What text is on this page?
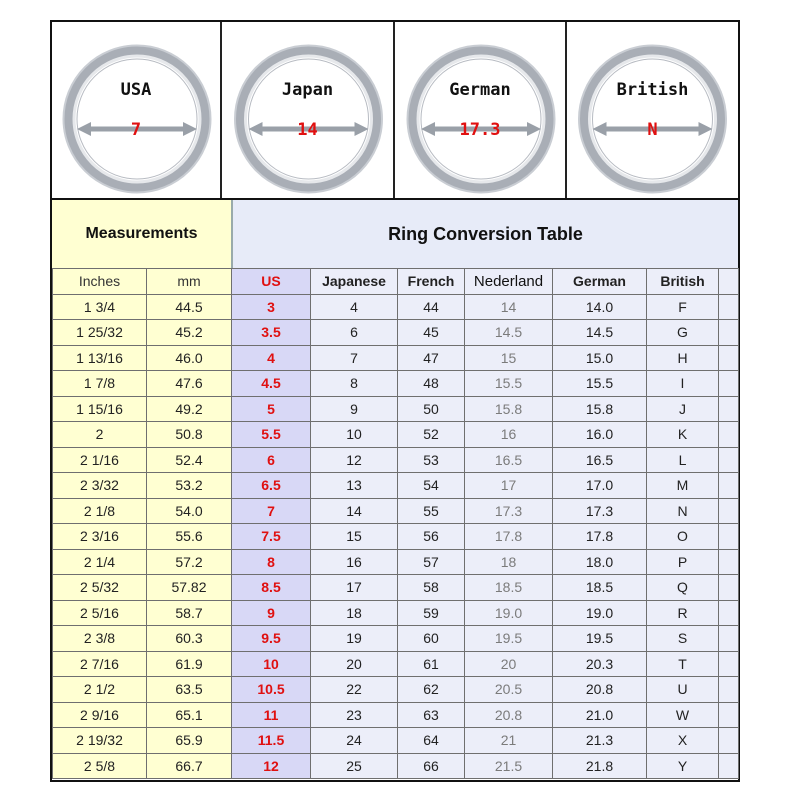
USA
7
Japan
14
German
17.3
British
N
Measurements	Ring Conversion Table
Inches	mm	US	Japanese	French	Nederland	German	British	
1 3/4	44.5	3	4	44	14	14.0	F	
1 25/32	45.2	3.5	6	45	14.5	14.5	G	
1 13/16	46.0	4	7	47	15	15.0	H	
1 7/8	47.6	4.5	8	48	15.5	15.5	I	
1 15/16	49.2	5	9	50	15.8	15.8	J	
2	50.8	5.5	10	52	16	16.0	K	
2 1/16	52.4	6	12	53	16.5	16.5	L	
2 3/32	53.2	6.5	13	54	17	17.0	M	
2 1/8	54.0	7	14	55	17.3	17.3	N	
2 3/16	55.6	7.5	15	56	17.8	17.8	O	
2 1/4	57.2	8	16	57	18	18.0	P	
2 5/32	57.82	8.5	17	58	18.5	18.5	Q	
2 5/16	58.7	9	18	59	19.0	19.0	R	
2 3/8	60.3	9.5	19	60	19.5	19.5	S	
2 7/16	61.9	10	20	61	20	20.3	T	
2 1/2	63.5	10.5	22	62	20.5	20.8	U	
2 9/16	65.1	11	23	63	20.8	21.0	W	
2 19/32	65.9	11.5	24	64	21	21.3	X	
2 5/8	66.7	12	25	66	21.5	21.8	Y	
